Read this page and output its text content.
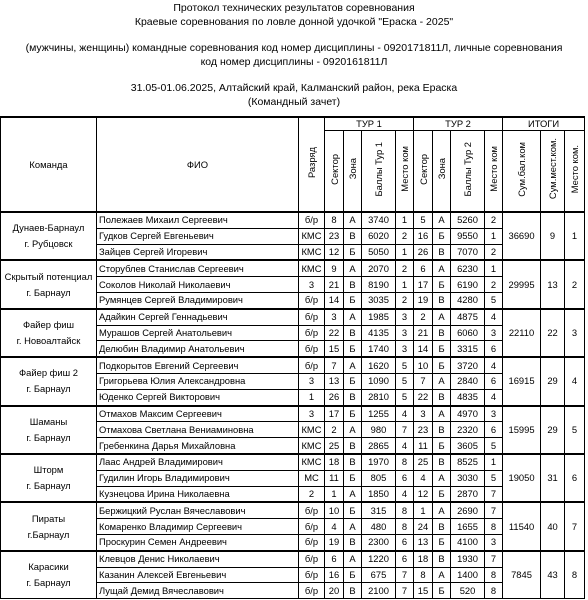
Протокол технических результатов соревнования
Краевые соревнования по ловле донной удочкой "Ераска - 2025"
(мужчины, женщины) командные соревнования код номер дисциплины - 0920171811Л, личные соревнования
код номер дисциплины - 0920161811Л
31.05-01.06.2025, Алтайский край, Калманский район, река Ераска
(Командный зачет)
Команда	ФИО	Разряд	ТУР 1				ТУР 2				ИТОГИ		
			Сектор	Зона	Баллы Тур 1	Место ком	Сектор	Зона	Баллы Тур 2	Место ком	Сум.бал.ком	Сум.мест.ком.	Место ком.

Дунаев-Барнаул
г. Рубцовск	Полежаев Михаил Сергеевич	б/р	8	А	3740	1	5	А	5260	2	36690	9	1
	Гудков Сергей Евгеньевич	КМС	23	В	6020	2	16	Б	9550	1			
	Зайцев Сергей Игоревич	КМС	12	Б	5050	1	26	В	7070	2			

Скрытый потенциал
г. Барнаул	Сторублев Станислав Сергеевич	КМС	9	А	2070	2	6	А	6230	1	29995	13	2
	Соколов Николай Николаевич	3	21	В	8190	1	17	Б	6190	2			
	Румянцев Сергей Владимирович	б/р	14	Б	3035	2	19	В	4280	5			

Файер фиш
г. Новоалтайск	Адайкин Сергей Геннадьевич	б/р	3	А	1985	3	2	А	4875	4	22110	22	3
	Мурашов Сергей Анатольевич	б/р	22	В	4135	3	21	В	6060	3			
	Делюбин Владимир Анатольевич	б/р	15	Б	1740	3	14	Б	3315	6			

Файер фиш 2
г. Барнаул	Подкорытов Евгений Сергеевич	б/р	7	А	1620	5	10	Б	3720	4	16915	29	4
	Григорьева Юлия Александровна	3	13	Б	1090	5	7	А	2840	6			
	Юденко Сергей Викторович	1	26	В	2810	5	22	В	4835	4			

Шаманы
г. Барнаул	Отмахов Максим Сергеевич	3	17	Б	1255	4	3	А	4970	3	15995	29	5
	Отмахова Светлана Вениаминовна	КМС	2	А	980	7	23	В	2320	6			
	Гребенкина Дарья Михайловна	КМС	25	В	2865	4	11	Б	3605	5			

Шторм
г. Барнаул	Лаас Андрей Владимирович	КМС	18	В	1970	8	25	В	8525	1	19050	31	6
	Гудилин Игорь Владимирович	МС	11	Б	805	6	4	А	3030	5			
	Кузнецова Ирина Николаевна	2	1	А	1850	4	12	Б	2870	7			

Пираты
г.Барнаул	Бержицкий Руслан Вячеславович	б/р	10	Б	315	8	1	А	2690	7	11540	40	7
	Комаренко Владимир Сергеевич	б/р	4	А	480	8	24	В	1655	8			
	Проскурин Семен Андреевич	б/р	19	В	2300	6	13	Б	4100	3			

Карасики
г. Барнаул	Клевцов Денис Николаевич	б/р	6	А	1220	6	18	В	1930	7	7845	43	8
	Казанин Алексей Евгеньевич	б/р	16	Б	675	7	8	А	1400	8			
	Лущай Демид Вячеславович	б/р	20	В	2100	7	15	Б	520	8			
